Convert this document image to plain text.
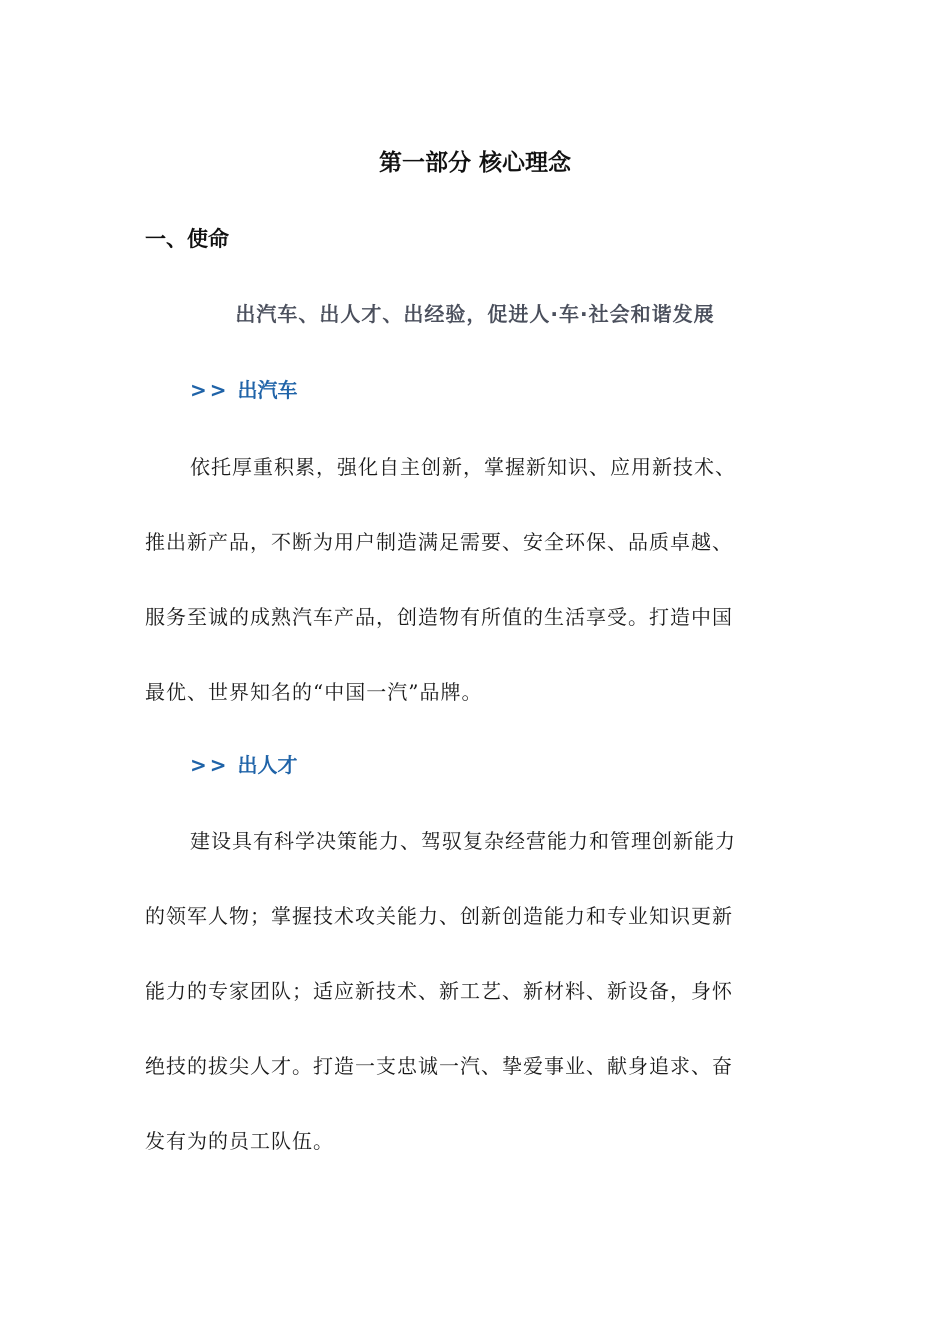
第一部分 核心理念
一、使命
出汽车、出人才、出经验，促进人·车·社会和谐发展
>> 出汽车
依托厚重积累，强化自主创新，掌握新知识、应用新技术、
推出新产品，不断为用户制造满足需要、安全环保、品质卓越、
服务至诚的成熟汽车产品，创造物有所值的生活享受。打造中国
最优、世界知名的“中国一汽”品牌。
>> 出人才
建设具有科学决策能力、驾驭复杂经营能力和管理创新能力
的领军人物；掌握技术攻关能力、创新创造能力和专业知识更新
能力的专家团队；适应新技术、新工艺、新材料、新设备，身怀
绝技的拔尖人才。打造一支忠诚一汽、挚爱事业、献身追求、奋
发有为的员工队伍。
